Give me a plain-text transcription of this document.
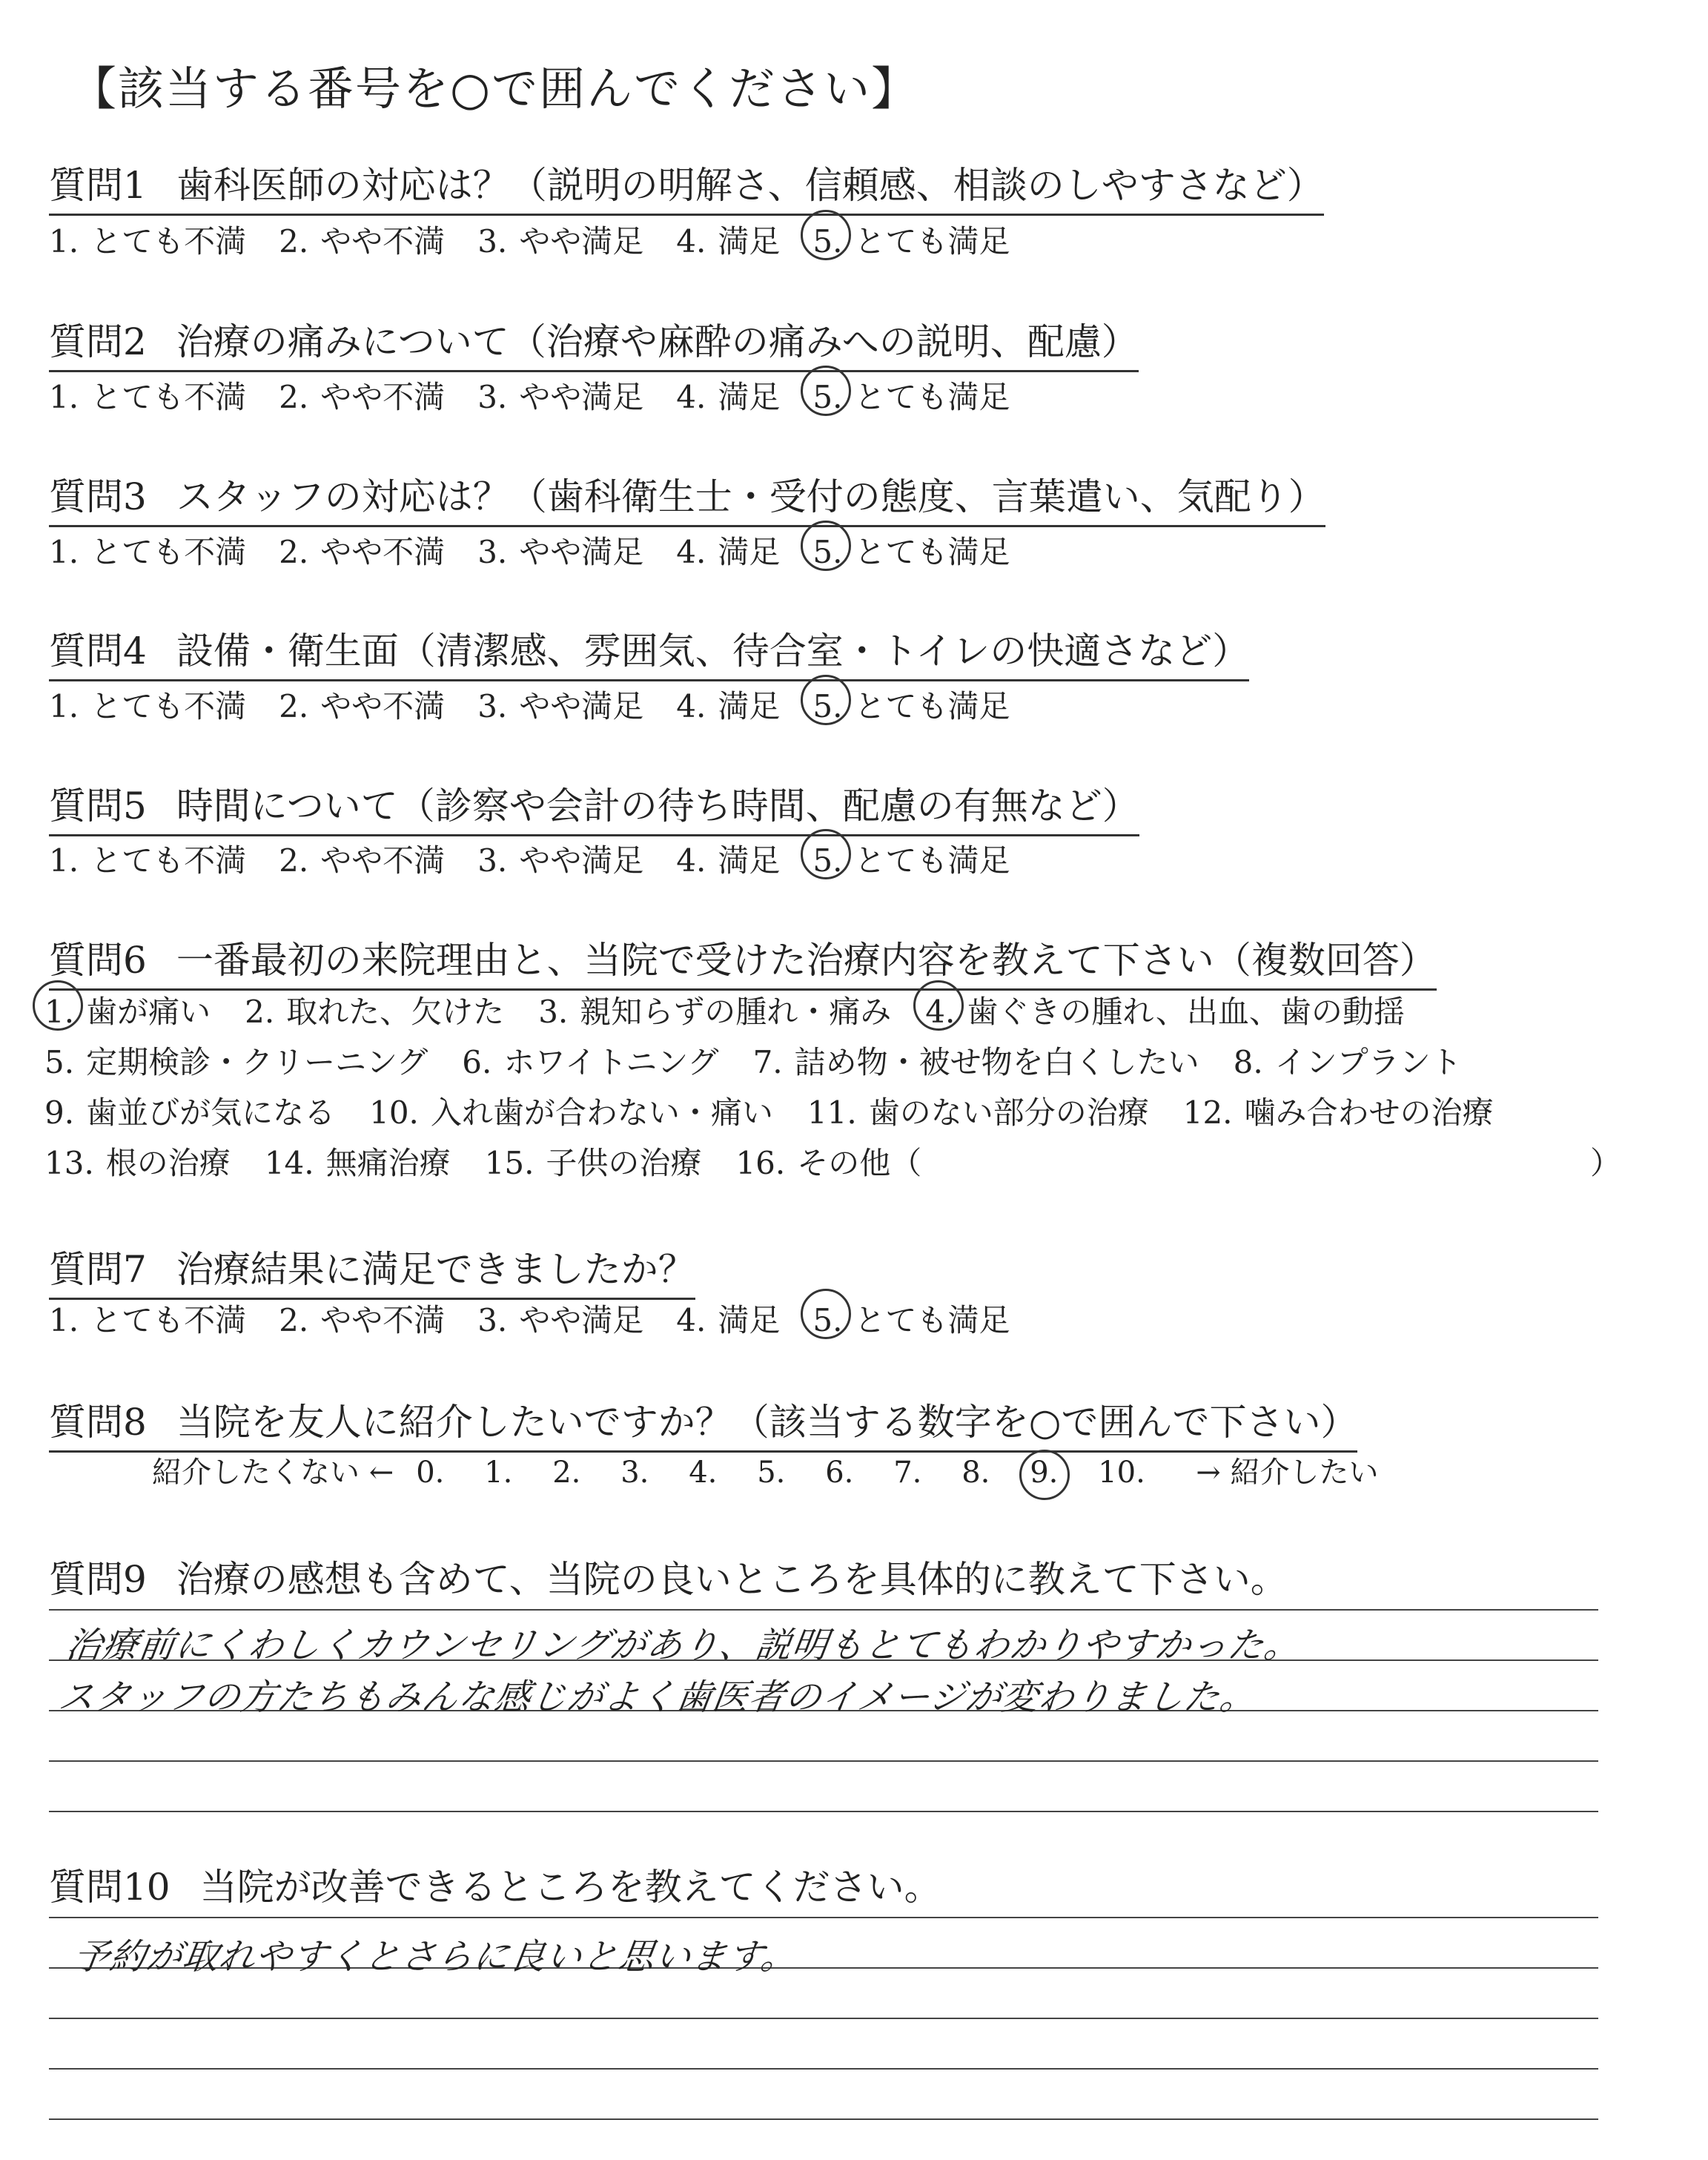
【該当する番号を○で囲んでください】
質問1 歯科医師の対応は？（説明の明解さ、信頼感、相談のしやすさなど）
1. とても不満 2. やや不満 3. やや満足 4. 満足 5. とても満足
質問2 治療の痛みについて（治療や麻酔の痛みへの説明、配慮）
1. とても不満 2. やや不満 3. やや満足 4. 満足 5. とても満足
質問3 スタッフの対応は？（歯科衛生士・受付の態度、言葉遣い、気配り）
1. とても不満 2. やや不満 3. やや満足 4. 満足 5. とても満足
質問4 設備・衛生面（清潔感、雰囲気、待合室・トイレの快適さなど）
1. とても不満 2. やや不満 3. やや満足 4. 満足 5. とても満足
質問5 時間について（診察や会計の待ち時間、配慮の有無など）
1. とても不満 2. やや不満 3. やや満足 4. 満足 5. とても満足
質問6 一番最初の来院理由と、当院で受けた治療内容を教えて下さい（複数回答）
1. 歯が痛い 2. 取れた、欠けた 3. 親知らずの腫れ・痛み 4. 歯ぐきの腫れ、出血、歯の動揺
5. 定期検診・クリーニング 6. ホワイトニング 7. 詰め物・被せ物を白くしたい 8. インプラント
9. 歯並びが気になる 10. 入れ歯が合わない・痛い 11. 歯のない部分の治療 12. 噛み合わせの治療
13. 根の治療 14. 無痛治療 15. 子供の治療 16. その他（	）
質問7 治療結果に満足できましたか？
1. とても不満 2. やや不満 3. やや満足 4. 満足 5. とても満足
質問8 当院を友人に紹介したいですか？（該当する数字を○で囲んで下さい）
紹介したくない ← 0. 1. 2. 3. 4. 5. 6. 7. 8. 9. 10. → 紹介したい
質問9 治療の感想も含めて、当院の良いところを具体的に教えて下さい。
治療前にくわしくカウンセリングがあり、説明もとてもわかりやすかった。
スタッフの方たちもみんな感じがよく歯医者のイメージが変わりました。
質問10 当院が改善できるところを教えてください。
予約が取れやすくとさらに良いと思います。
